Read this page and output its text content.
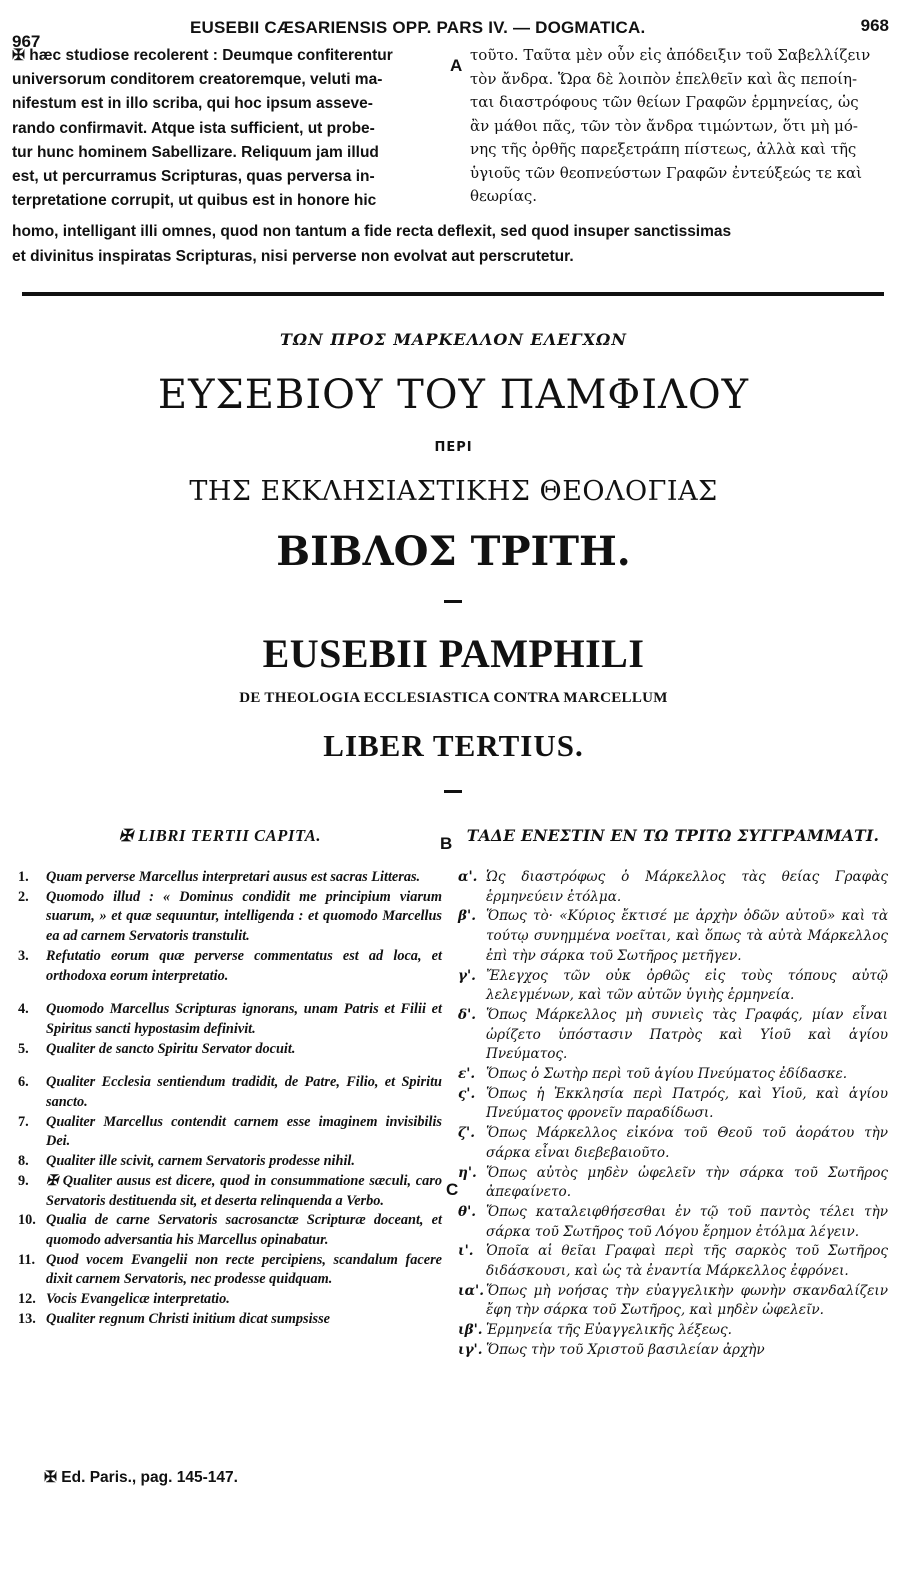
967
EUSEBII CÆSARIENSIS OPP. PARS IV. — DOGMATICA.	968
✠ hæc studiose recolerent : Deumque confiterentur
universorum conditorem creatoremque, veluti ma-
nifestum est in illo scriba, qui hoc ipsum asseve-
rando confirmavit. Atque ista sufficient, ut probe-
tur hunc hominem Sabellizare. Reliquum jam illud
est, ut percurramus Scripturas, quas perversa in-
terpretatione corrupit, ut quibus est in honore hic
A
τοῦτο. Ταῦτα μὲν οὖν εἰς ἀπόδειξιν τοῦ Σαβελλίζειν
τὸν ἄνδρα. Ὥρα δὲ λοιπὸν ἐπελθεῖν καὶ ἃς πεποίη-
ται διαστρόφους τῶν θείων Γραφῶν ἑρμηνείας, ὡς
ἂν μάθοι πᾶς, τῶν τὸν ἄνδρα τιμώντων, ὅτι μὴ μό-
νης τῆς ὀρθῆς παρεξετράπη πίστεως, ἀλλὰ καὶ τῆς
ὑγιοῦς τῶν θεοπνεύστων Γραφῶν ἐντεύξεώς τε καὶ
θεωρίας.
homo, intelligant illi omnes, quod non tantum a fide recta deflexit, sed quod insuper sanctissimas
et divinitus inspiratas Scripturas, nisi perverse non evolvat aut perscrutetur.
ΤΩΝ ΠΡΟΣ ΜΑΡΚΕΛΛΟΝ ΕΛΕΓΧΩΝ
ΕΥΣΕΒΙΟΥ ΤΟΥ ΠΑΜΦΙΛΟΥ
ΠΕΡΙ
ΤΗΣ ΕΚΚΛΗΣΙΑΣΤΙΚΗΣ ΘΕΟΛΟΓΙΑΣ
ΒΙΒΛΟΣ ΤΡΙΤΗ.
EUSEBII PAMPHILI
DE THEOLOGIA ECCLESIASTICA CONTRA MARCELLUM
LIBER TERTIUS.
✠ LIBRI TERTII CAPITA.	B ΤΑΔΕ ΕΝΕΣΤΙΝ ΕΝ ΤΩ ΤΡΙΤΩ ΣΥΓΓΡΑΜΜΑΤΙ.
1. Quam perverse Marcellus interpretari ausus est sacras Litteras.
2. Quomodo illud : « Dominus condidit me principium viarum suarum, » et quæ sequuntur, intelligenda : et quomodo Marcellus ea ad carnem Servatoris transtulit.
3. Refutatio eorum quæ perverse commentatus est ad loca, et orthodoxa eorum interpretatio.
4. Quomodo Marcellus Scripturas ignorans, unam Patris et Filii et Spiritus sancti hypostasim definivit.
5. Qualiter de sancto Spiritu Servator docuit.
6. Qualiter Ecclesia sentiendum tradidit, de Patre, Filio, et Spiritu sancto.
7. Qualiter Marcellus contendit carnem esse imaginem invisibilis Dei.
8. Qualiter ille scivit, carnem Servatoris prodesse nihil.
9. ✠ Qualiter ausus est dicere, quod in consummatione sæculi, caro Servatoris destituenda sit, et deserta relinquenda a Verbo.
10. Qualia de carne Servatoris sacrosanctæ Scripturæ doceant, et quomodo adversantia his Marcellus opinabatur.
11. Quod vocem Evangelii non recte percipiens, scandalum facere dixit carnem Servatoris, nec prodesse quidquam.
12. Vocis Evangelicæ interpretatio.
13. Qualiter regnum Christi initium dicat sumpsisse
C
α'. Ὡς διαστρόφως ὁ Μάρκελλος τὰς θείας Γραφὰς ἑρμηνεύειν ἐτόλμα.
β'. Ὅπως τὸ· «Κύριος ἔκτισέ με ἀρχὴν ὁδῶν αὐτοῦ» καὶ τὰ τούτῳ συνημμένα νοεῖται, καὶ ὅπως τὰ αὐτὰ Μάρκελλος ἐπὶ τὴν σάρκα τοῦ Σωτῆρος μετῆγεν.
γ'. Ἔλεγχος τῶν οὐκ ὀρθῶς εἰς τοὺς τόπους αὐτῷ λελεγμένων, καὶ τῶν αὐτῶν ὑγιὴς ἑρμηνεία.
δ'. Ὅπως Μάρκελλος μὴ συνιεὶς τὰς Γραφάς, μίαν εἶναι ὡρίζετο ὑπόστασιν Πατρὸς καὶ Υἱοῦ καὶ ἁγίου Πνεύματος.
ε'. Ὅπως ὁ Σωτὴρ περὶ τοῦ ἁγίου Πνεύματος ἐδίδασκε.
ς'. Ὅπως ἡ Ἐκκλησία περὶ Πατρός, καὶ Υἱοῦ, καὶ ἁγίου Πνεύματος φρονεῖν παραδίδωσι.
ζ'. Ὅπως Μάρκελλος εἰκόνα τοῦ Θεοῦ τοῦ ἀοράτου τὴν σάρκα εἶναι διεβεβαιοῦτο.
η'. Ὅπως αὐτὸς μηδὲν ὠφελεῖν τὴν σάρκα τοῦ Σωτῆρος ἀπεφαίνετο.
θ'. Ὅπως καταλειφθήσεσθαι ἐν τῷ τοῦ παντὸς τέλει τὴν σάρκα τοῦ Σωτῆρος τοῦ Λόγου ἔρημον ἐτόλμα λέγειν.
ι'. Ὁποῖα αἱ θεῖαι Γραφαὶ περὶ τῆς σαρκὸς τοῦ Σωτῆρος διδάσκουσι, καὶ ὡς τὰ ἐναντία Μάρκελλος ἐφρόνει.
ια'. Ὅπως μὴ νοήσας τὴν εὐαγγελικὴν φωνὴν σκανδαλίζειν ἔφη τὴν σάρκα τοῦ Σωτῆρος, καὶ μηδὲν ὠφελεῖν.
ιβ'. Ἑρμηνεία τῆς Εὐαγγελικῆς λέξεως.
ιγ'. Ὅπως τὴν τοῦ Χριστοῦ βασιλείαν ἀρχὴν
✠ Ed. Paris., pag. 145-147.
